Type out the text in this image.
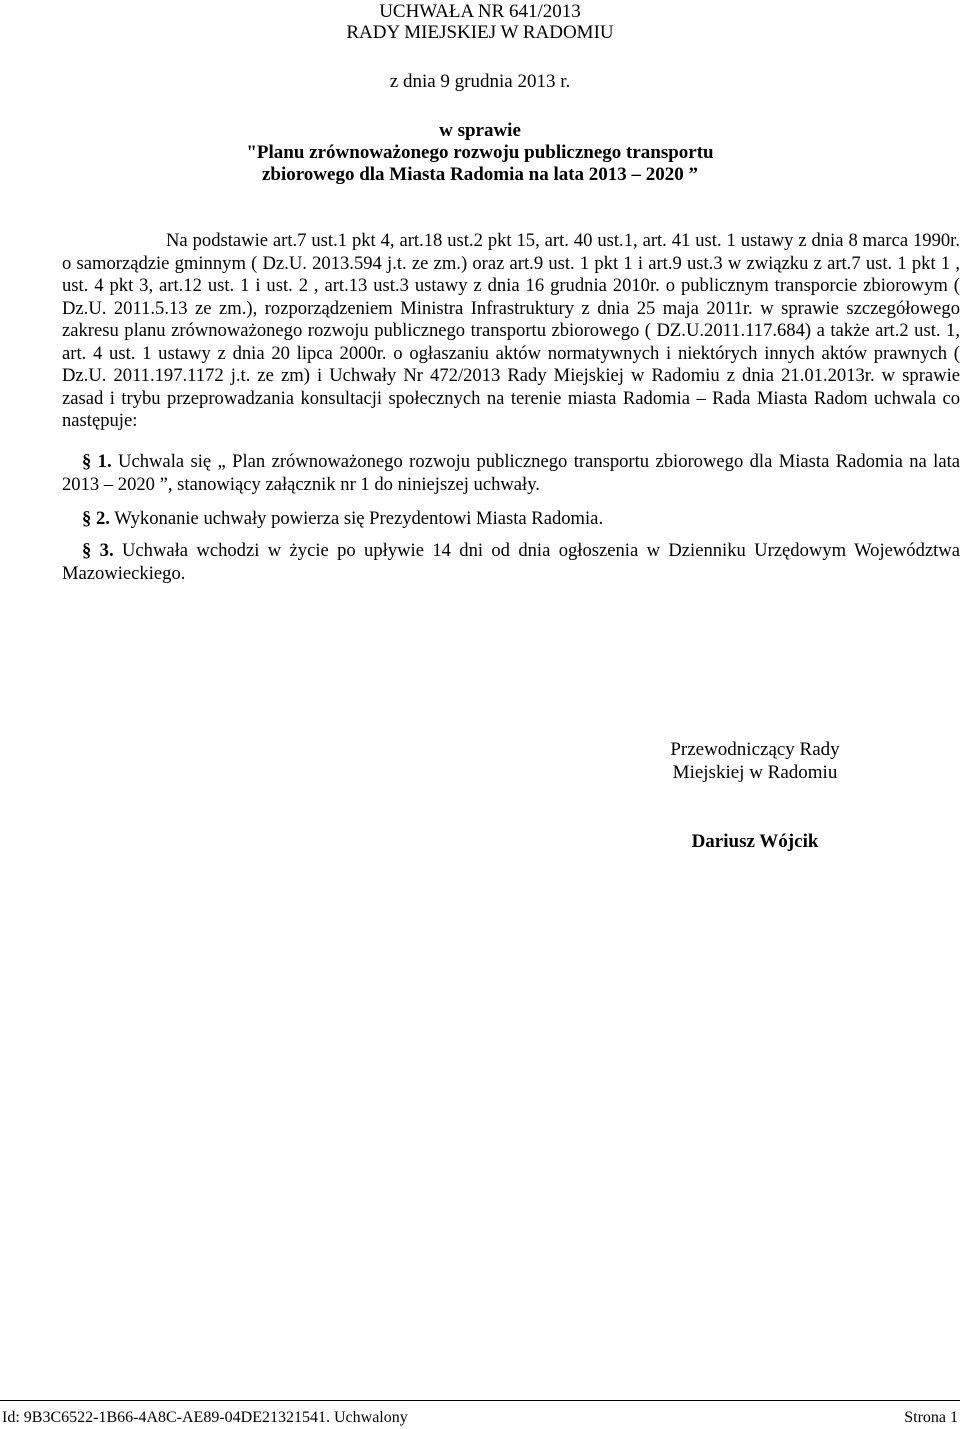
UCHWAŁA NR 641/2013
RADY MIEJSKIEJ W RADOMIU
z dnia 9 grudnia 2013 r.
w sprawie
"Planu zrównoważonego rozwoju publicznego transportu
zbiorowego dla Miasta Radomia na lata 2013 – 2020 ”
Na podstawie art.7 ust.1 pkt 4, art.18 ust.2 pkt 15, art. 40 ust.1, art. 41 ust. 1 ustawy z dnia 8 marca 1990r. o samorządzie gminnym ( Dz.U. 2013.594 j.t. ze zm.) oraz art.9 ust. 1 pkt 1 i art.9 ust.3 w związku z art.7 ust. 1 pkt 1 , ust. 4 pkt 3, art.12 ust. 1 i ust. 2 , art.13 ust.3 ustawy z dnia 16 grudnia 2010r. o publicznym transporcie zbiorowym ( Dz.U. 2011.5.13 ze zm.), rozporządzeniem Ministra Infrastruktury z dnia 25 maja 2011r. w sprawie szczegółowego zakresu planu zrównoważonego rozwoju publicznego transportu zbiorowego ( DZ.U.2011.117.684) a także art.2 ust. 1, art. 4 ust. 1 ustawy z dnia 20 lipca 2000r. o ogłaszaniu aktów normatywnych i niektórych innych aktów prawnych ( Dz.U. 2011.197.1172 j.t. ze zm) i Uchwały Nr 472/2013 Rady Miejskiej w Radomiu z dnia 21.01.2013r. w sprawie zasad i trybu przeprowadzania konsultacji społecznych na terenie miasta Radomia – Rada Miasta Radom uchwala co następuje:
§ 1. Uchwala się „ Plan zrównoważonego rozwoju publicznego transportu zbiorowego dla Miasta Radomia na lata 2013 – 2020 ”, stanowiący załącznik nr 1 do niniejszej uchwały.
§ 2. Wykonanie uchwały powierza się Prezydentowi Miasta Radomia.
§ 3. Uchwała wchodzi w życie po upływie 14 dni od dnia ogłoszenia w Dzienniku Urzędowym Województwa Mazowieckiego.
Przewodniczący Rady
Miejskiej w Radomiu
Dariusz Wójcik
Id: 9B3C6522-1B66-4A8C-AE89-04DE21321541. Uchwalony	Strona 1
